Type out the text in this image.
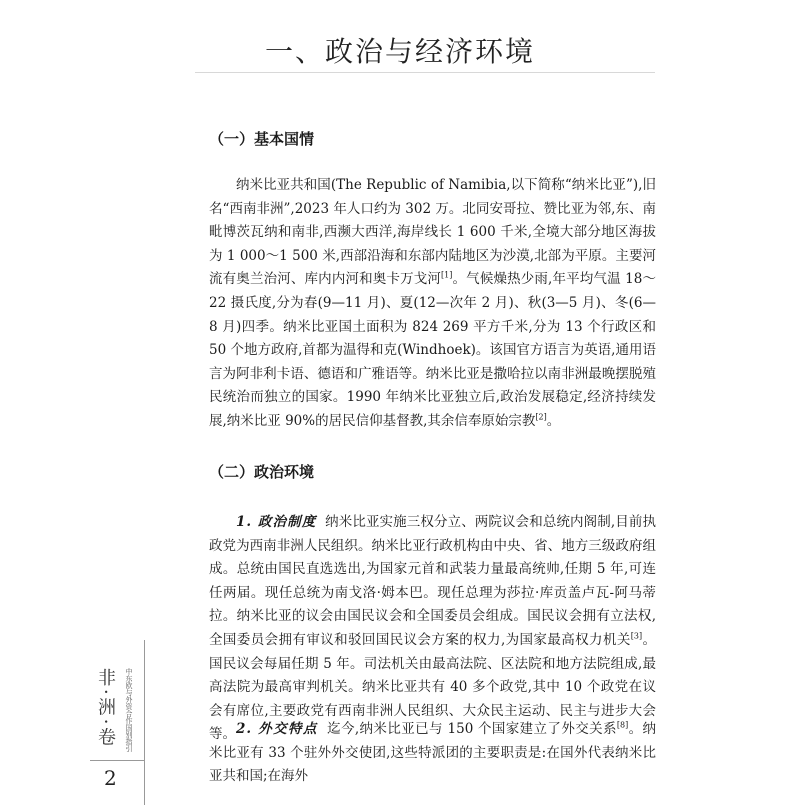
一、政治与经济环境
（一）基本国情

纳米比亚共和国(The Republic of Namibia,以下简称“纳米比亚”),旧名“西南非洲”,2023 年人口约为 302 万。北同安哥拉、赞比亚为邻,东、南毗博茨瓦纳和南非,西濒大西洋,海岸线长 1 600 千米,全境大部分地区海拔为 1 000～1 500 米,西部沿海和东部内陆地区为沙漠,北部为平原。主要河流有奥兰治河、库内内河和奥卡万戈河[1]。气候燥热少雨,年平均气温 18～22 摄氏度,分为春(9—11 月)、夏(12—次年 2 月)、秋(3—5 月)、冬(6—8 月)四季。纳米比亚国土面积为 824 269 平方千米,分为 13 个行政区和 50 个地方政府,首都为温得和克(Windhoek)。该国官方语言为英语,通用语言为阿非利卡语、德语和广雅语等。纳米比亚是撒哈拉以南非洲最晚摆脱殖民统治而独立的国家。1990 年纳米比亚独立后,政治发展稳定,经济持续发展,纳米比亚 90%的居民信仰基督教,其余信奉原始宗教[2]。

（二）政治环境

1. 政治制度 纳米比亚实施三权分立、两院议会和总统内阁制,目前执政党为西南非洲人民组织。纳米比亚行政机构由中央、省、地方三级政府组成。总统由国民直选选出,为国家元首和武装力量最高统帅,任期 5 年,可连任两届。现任总统为南戈洛·姆本巴。现任总理为莎拉·库贡盖卢瓦-阿马蒂拉。纳米比亚的议会由国民议会和全国委员会组成。国民议会拥有立法权,全国委员会拥有审议和驳回国民议会方案的权力,为国家最高权力机关[3]。国民议会每届任期 5 年。司法机关由最高法院、区法院和地方法院组成,最高法院为最高审判机关。纳米比亚共有 40 多个政党,其中 10 个政党在议会有席位,主要政党有西南非洲人民组织、大众民主运动、民主与进步大会等。 2. 外交特点 迄今,纳米比亚已与 150 个国家建立了外交关系[8]。纳米比亚有 33 个驻外外交使团,这些特派团的主要职责是:在国外代表纳米比亚共和国;在海外

非·洲·卷	中东欧与外资合作国别指引
2
